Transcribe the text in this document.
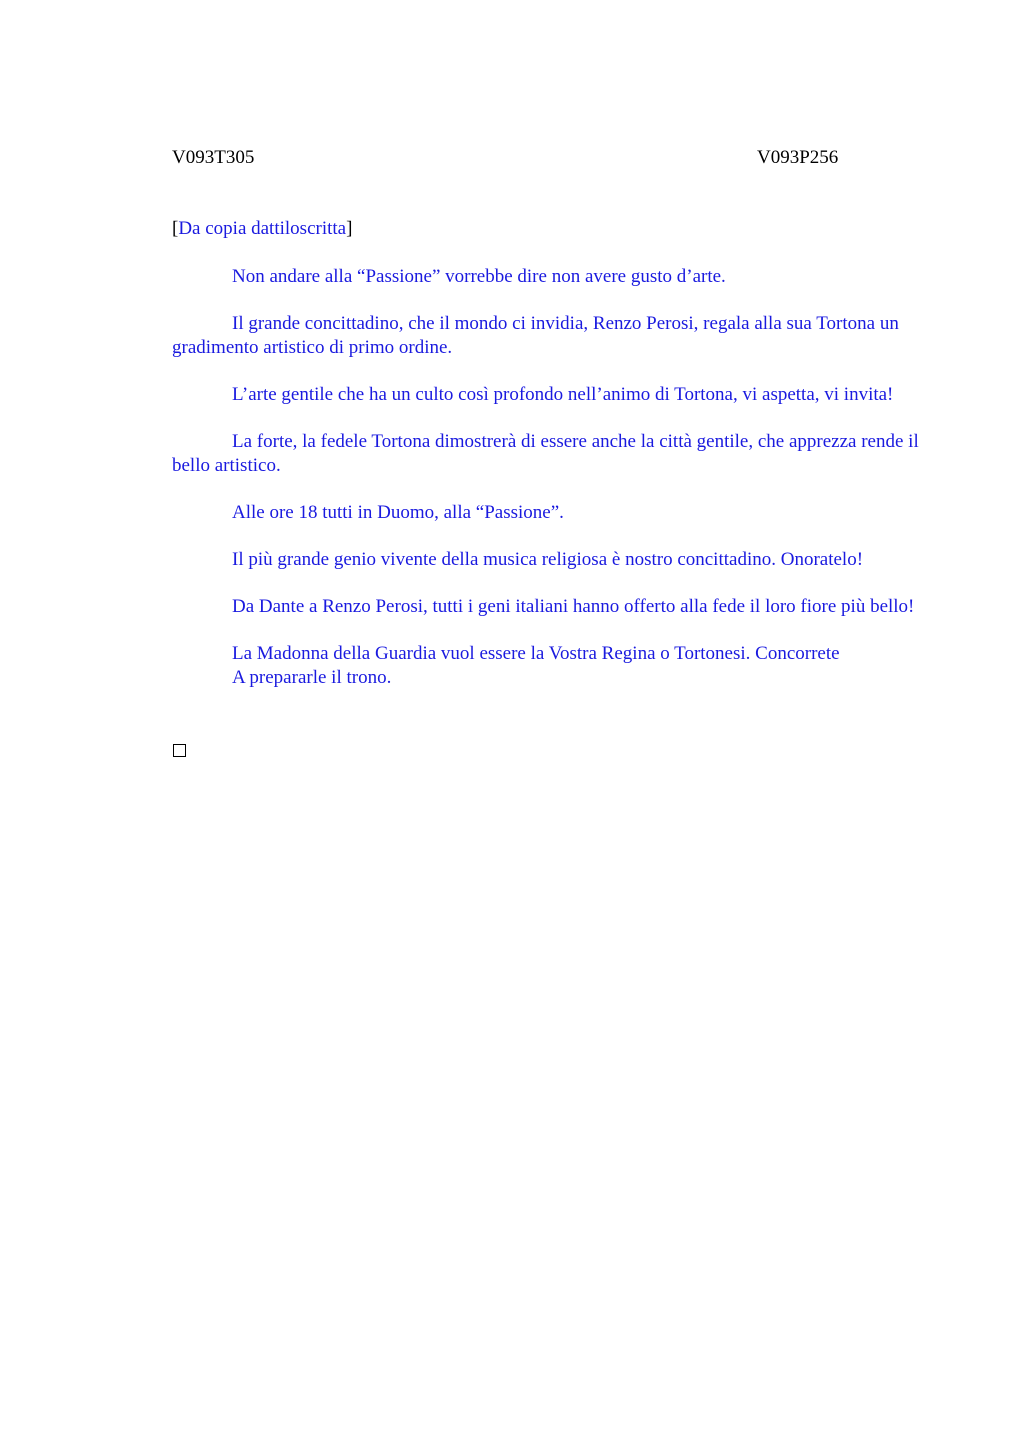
V093T305	V093P256
[Da copia dattiloscritta]

Non andare alla “Passione” vorrebbe dire non avere gusto d’arte.

Il grande concittadino, che il mondo ci invidia, Renzo Perosi, regala alla sua Tortona un gradimento artistico di primo ordine.

L’arte gentile che ha un culto così profondo nell’animo di Tortona, vi aspetta, vi invita!

La forte, la fedele Tortona dimostrerà di essere anche la città gentile, che apprezza rende il bello artistico.

Alle ore 18 tutti in Duomo, alla “Passione”.

Il più grande genio vivente della musica religiosa è nostro concittadino. Onoratelo!

Da Dante a Renzo Perosi, tutti i geni italiani hanno offerto alla fede il loro fiore più bello!

La Madonna della Guardia vuol essere la Vostra Regina o Tortonesi. Concorrete
A prepararle il trono.
